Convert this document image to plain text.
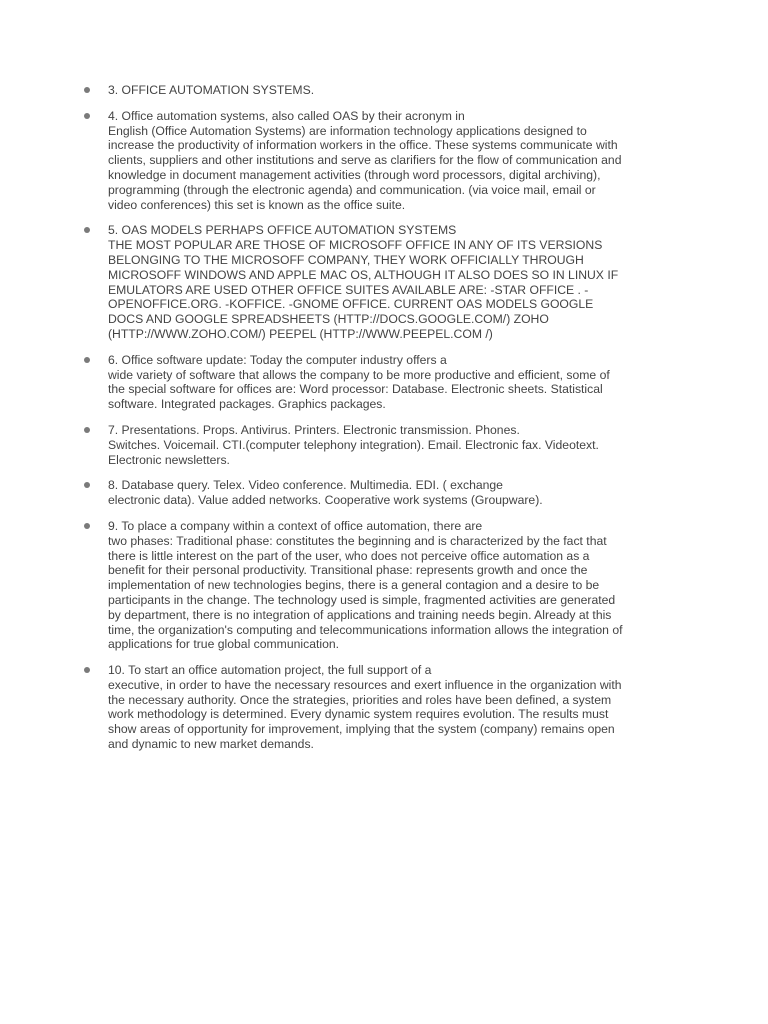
3. OFFICE AUTOMATION SYSTEMS.
4. Office automation systems, also called OAS by their acronym in
English (Office Automation Systems) are information technology applications designed to
increase the productivity of information workers in the office. These systems communicate with
clients, suppliers and other institutions and serve as clarifiers for the flow of communication and
knowledge in document management activities (through word processors, digital archiving),
programming (through the electronic agenda) and communication. (via voice mail, email or
video conferences) this set is known as the office suite.
5. OAS MODELS PERHAPS OFFICE AUTOMATION SYSTEMS
THE MOST POPULAR ARE THOSE OF MICROSOFF OFFICE IN ANY OF ITS VERSIONS
BELONGING TO THE MICROSOFF COMPANY, THEY WORK OFFICIALLY THROUGH
MICROSOFF WINDOWS AND APPLE MAC OS, ALTHOUGH IT ALSO DOES SO IN LINUX IF
EMULATORS ARE USED OTHER OFFICE SUITES AVAILABLE ARE: -STAR OFFICE . -
OPENOFFICE.ORG. -KOFFICE. -GNOME OFFICE. CURRENT OAS MODELS GOOGLE
DOCS AND GOOGLE SPREADSHEETS (HTTP://DOCS.GOOGLE.COM/) ZOHO
(HTTP://WWW.ZOHO.COM/) PEEPEL (HTTP://WWW.PEEPEL.COM /)
6. Office software update: Today the computer industry offers a
wide variety of software that allows the company to be more productive and efficient, some of
the special software for offices are: Word processor: Database. Electronic sheets. Statistical
software. Integrated packages. Graphics packages.
7. Presentations. Props. Antivirus. Printers. Electronic transmission. Phones.
Switches. Voicemail. CTI.(computer telephony integration). Email. Electronic fax. Videotext.
Electronic newsletters.
8. Database query. Telex. Video conference. Multimedia. EDI. ( exchange
electronic data). Value added networks. Cooperative work systems (Groupware).
9. To place a company within a context of office automation, there are
two phases: Traditional phase: constitutes the beginning and is characterized by the fact that
there is little interest on the part of the user, who does not perceive office automation as a
benefit for their personal productivity. Transitional phase: represents growth and once the
implementation of new technologies begins, there is a general contagion and a desire to be
participants in the change. The technology used is simple, fragmented activities are generated
by department, there is no integration of applications and training needs begin. Already at this
time, the organization's computing and telecommunications information allows the integration of
applications for true global communication.
10. To start an office automation project, the full support of a
executive, in order to have the necessary resources and exert influence in the organization with
the necessary authority. Once the strategies, priorities and roles have been defined, a system
work methodology is determined. Every dynamic system requires evolution. The results must
show areas of opportunity for improvement, implying that the system (company) remains open
and dynamic to new market demands.
